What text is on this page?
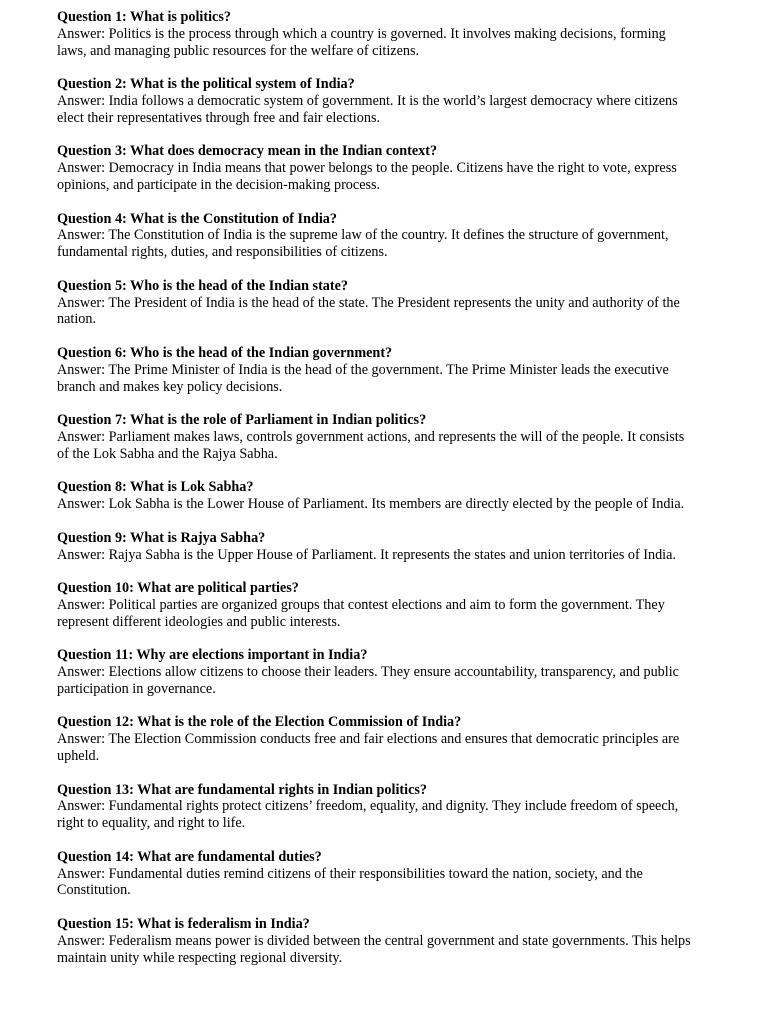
Question 1: What is politics?
Answer: Politics is the process through which a country is governed. It involves making decisions, forming laws, and managing public resources for the welfare of citizens.
Question 2: What is the political system of India?
Answer: India follows a democratic system of government. It is the world’s largest democracy where citizens elect their representatives through free and fair elections.
Question 3: What does democracy mean in the Indian context?
Answer: Democracy in India means that power belongs to the people. Citizens have the right to vote, express opinions, and participate in the decision-making process.
Question 4: What is the Constitution of India?
Answer: The Constitution of India is the supreme law of the country. It defines the structure of government, fundamental rights, duties, and responsibilities of citizens.
Question 5: Who is the head of the Indian state?
Answer: The President of India is the head of the state. The President represents the unity and authority of the nation.
Question 6: Who is the head of the Indian government?
Answer: The Prime Minister of India is the head of the government. The Prime Minister leads the executive branch and makes key policy decisions.
Question 7: What is the role of Parliament in Indian politics?
Answer: Parliament makes laws, controls government actions, and represents the will of the people. It consists of the Lok Sabha and the Rajya Sabha.
Question 8: What is Lok Sabha?
Answer: Lok Sabha is the Lower House of Parliament. Its members are directly elected by the people of India.
Question 9: What is Rajya Sabha?
Answer: Rajya Sabha is the Upper House of Parliament. It represents the states and union territories of India.
Question 10: What are political parties?
Answer: Political parties are organized groups that contest elections and aim to form the government. They represent different ideologies and public interests.
Question 11: Why are elections important in India?
Answer: Elections allow citizens to choose their leaders. They ensure accountability, transparency, and public participation in governance.
Question 12: What is the role of the Election Commission of India?
Answer: The Election Commission conducts free and fair elections and ensures that democratic principles are upheld.
Question 13: What are fundamental rights in Indian politics?
Answer: Fundamental rights protect citizens’ freedom, equality, and dignity. They include freedom of speech, right to equality, and right to life.
Question 14: What are fundamental duties?
Answer: Fundamental duties remind citizens of their responsibilities toward the nation, society, and the Constitution.
Question 15: What is federalism in India?
Answer: Federalism means power is divided between the central government and state governments. This helps maintain unity while respecting regional diversity.
